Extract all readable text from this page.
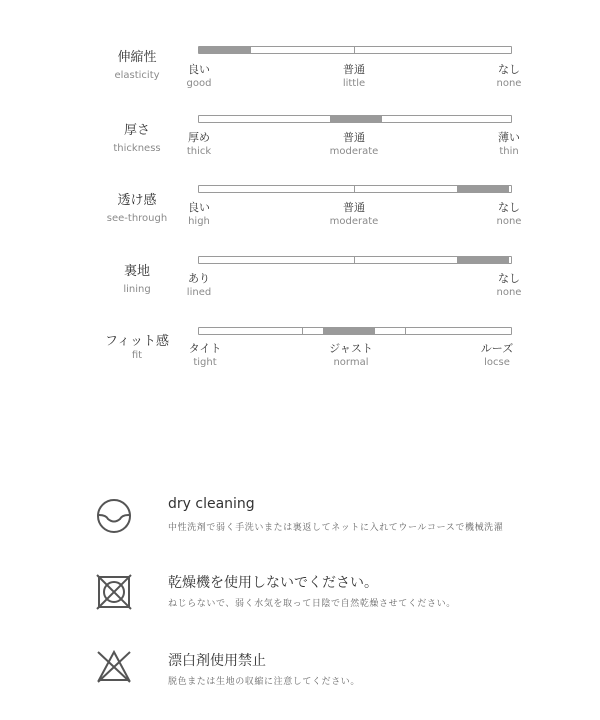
伸縮性
elasticity	良い
good
普通
little
なし
none
厚さ
thickness
厚め
thick
普通
moderate
薄い
thin
透け感
see-through
良い
high
普通
moderate
なし
none
裏地
lining
あり
lined
なし
none
フィット感
fit
タイト
tight
ジャスト
normal
ルーズ
locse
dry cleaning
中性洗剤で弱く手洗いまたは裏返してネットに入れてウールコースで機械洗濯
乾燥機を使用しないでください。
ねじらないで、弱く水気を取って日陰で自然乾燥させてください。
漂白剤使用禁止
脱色または生地の収縮に注意してください。
